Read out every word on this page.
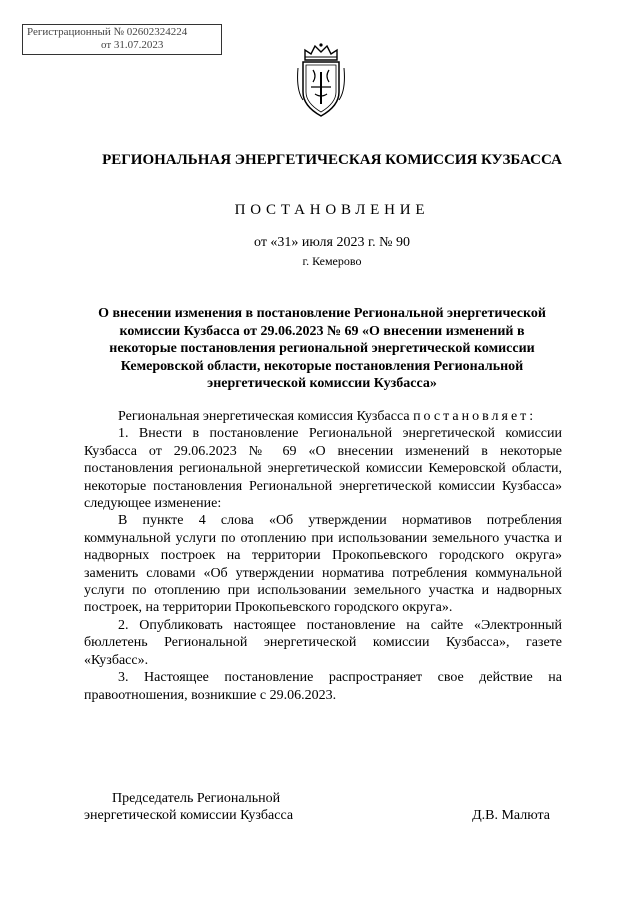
Регистрационный № 02602324224
от 31.07.2023
РЕГИОНАЛЬНАЯ ЭНЕРГЕТИЧЕСКАЯ КОМИССИЯ КУЗБАССА
ПОСТАНОВЛЕНИЕ
от «31» июля 2023 г. № 90
г. Кемерово
О внесении изменения в постановление Региональной энергетической комиссии Кузбасса от 29.06.2023 № 69 «О внесении изменений в некоторые постановления региональной энергетической комиссии Кемеровской области, некоторые постановления Региональной энергетической комиссии Кузбасса»

Региональная энергетическая комиссия Кузбасса постановляет:

1. Внести в постановление Региональной энергетической комиссии Кузбасса от 29.06.2023 № 69 «О внесении изменений в некоторые постановления региональной энергетической комиссии Кемеровской области, некоторые постановления Региональной энергетической комиссии Кузбасса» следующее изменение:

В пункте 4 слова «Об утверждении нормативов потребления коммунальной услуги по отоплению при использовании земельного участка и надворных построек на территории Прокопьевского городского округа» заменить словами «Об утверждении норматива потребления коммунальной услуги по отоплению при использовании земельного участка и надворных построек, на территории Прокопьевского городского округа».

2. Опубликовать настоящее постановление на сайте «Электронный бюллетень Региональной энергетической комиссии Кузбасса», газете «Кузбасс».

3. Настоящее постановление распространяет свое действие на правоотношения, возникшие с 29.06.2023.

Председатель Региональной
энергетической комиссии Кузбасса	Д.В. Малюта
